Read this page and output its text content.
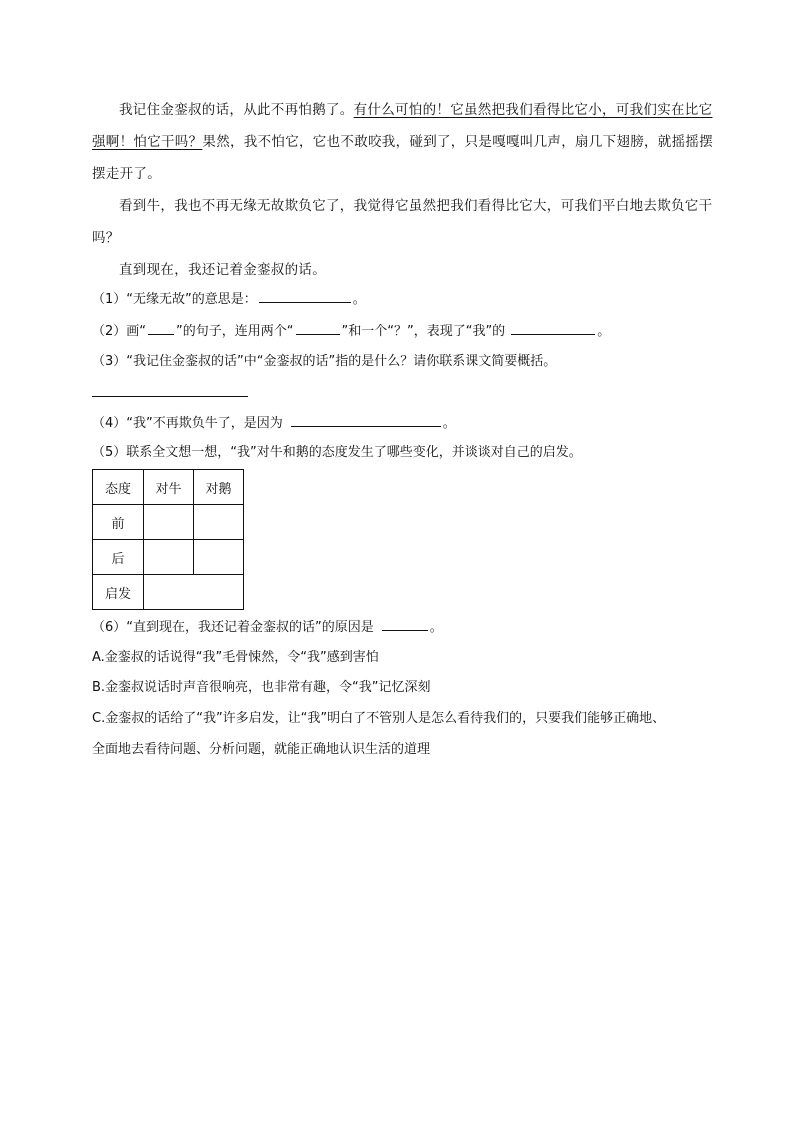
我记住金銮叔的话，从此不再怕鹅了。有什么可怕的！它虽然把我们看得比它小，可我们实在比它强啊！怕它干吗？果然，我不怕它，它也不敢咬我，碰到了，只是嘎嘎叫几声，扇几下翅膀，就摇摇摆摆走开了。

看到牛，我也不再无缘无故欺负它了，我觉得它虽然把我们看得比它大，可我们平白地去欺负它干吗？

直到现在，我还记着金銮叔的话。

（1）“无缘无故”的意思是：	。

（2）画“ ”的句子，连用两个“	”和一个“？”，表现了“我”的	。

（3）“我记住金銮叔的话”中“金銮叔的话”指的是什么？请你联系课文简要概括。

（4）“我”不再欺负牛了，是因为	。

（5）联系全文想一想，“我”对牛和鹅的态度发生了哪些变化，并谈谈对自己的启发。

态度	对牛	对鹅
前		
后		
启发		

（6）“直到现在，我还记着金銮叔的话”的原因是	。

A.金銮叔的话说得“我”毛骨悚然，令“我”感到害怕

B.金銮叔说话时声音很响亮，也非常有趣，令“我”记忆深刻

C.金銮叔的话给了“我”许多启发，让“我”明白了不管别人是怎么看待我们的，只要我们能够正确地、

全面地去看待问题、分析问题，就能正确地认识生活的道理
